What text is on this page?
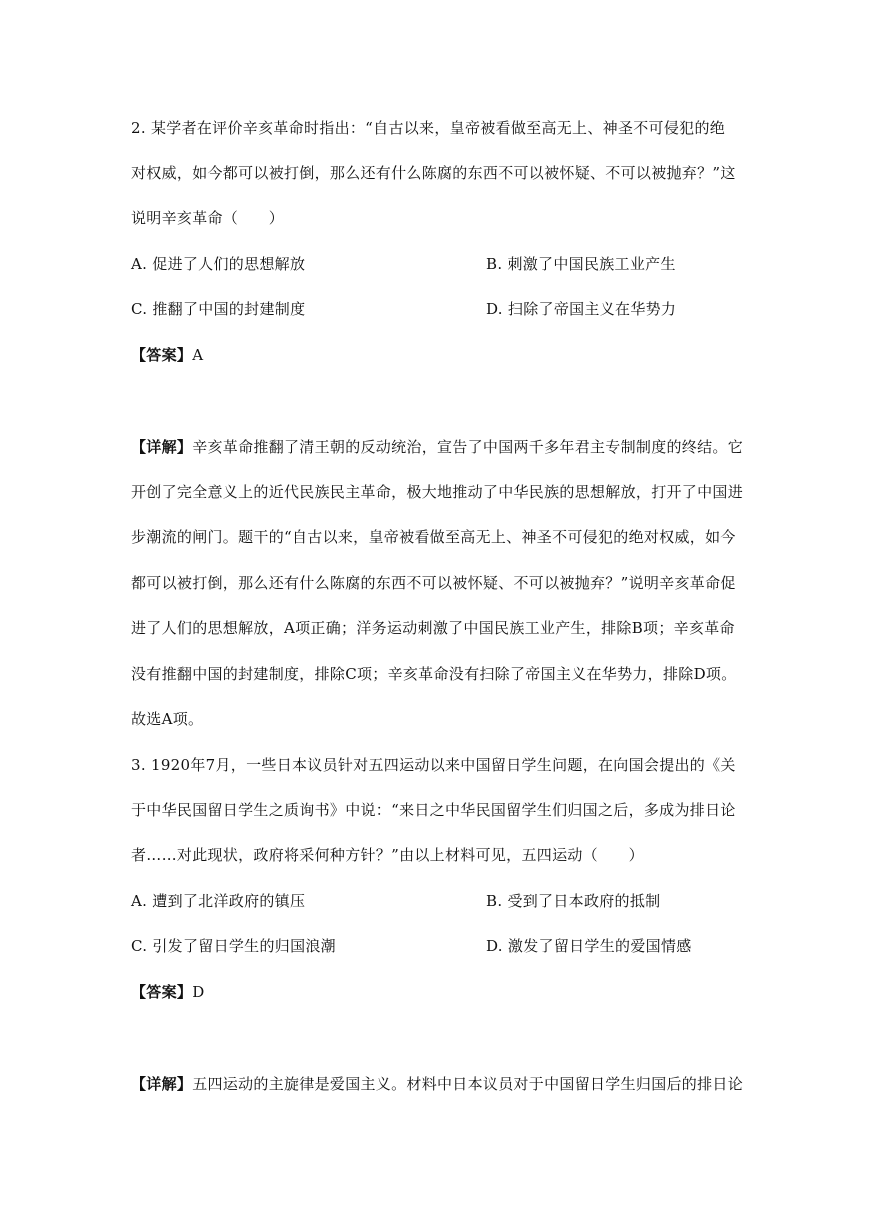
2. 某学者在评价辛亥革命时指出：“自古以来，皇帝被看做至高无上、神圣不可侵犯的绝
对权威，如今都可以被打倒，那么还有什么陈腐的东西不可以被怀疑、不可以被抛弃？”这
说明辛亥革命（　　）
A. 促进了人们的思想解放	B. 刺激了中国民族工业产生
C. 推翻了中国的封建制度	D. 扫除了帝国主义在华势力
【答案】A
【详解】辛亥革命推翻了清王朝的反动统治，宣告了中国两千多年君主专制制度的终结。它
开创了完全意义上的近代民族民主革命，极大地推动了中华民族的思想解放，打开了中国进
步潮流的闸门。题干的“自古以来，皇帝被看做至高无上、神圣不可侵犯的绝对权威，如今
都可以被打倒，那么还有什么陈腐的东西不可以被怀疑、不可以被抛弃？”说明辛亥革命促
进了人们的思想解放，A项正确；洋务运动刺激了中国民族工业产生，排除B项；辛亥革命
没有推翻中国的封建制度，排除C项；辛亥革命没有扫除了帝国主义在华势力，排除D项。
故选A项。
3. 1920年7月，一些日本议员针对五四运动以来中国留日学生问题，在向国会提出的《关
于中华民国留日学生之质询书》中说：“来日之中华民国留学生们归国之后，多成为排日论
者……对此现状，政府将采何种方针？”由以上材料可见，五四运动（　　）
A. 遭到了北洋政府的镇压	B. 受到了日本政府的抵制
C. 引发了留日学生的归国浪潮	D. 激发了留日学生的爱国情感
【答案】D
【详解】五四运动的主旋律是爱国主义。材料中日本议员对于中国留日学生归国后的排日论
